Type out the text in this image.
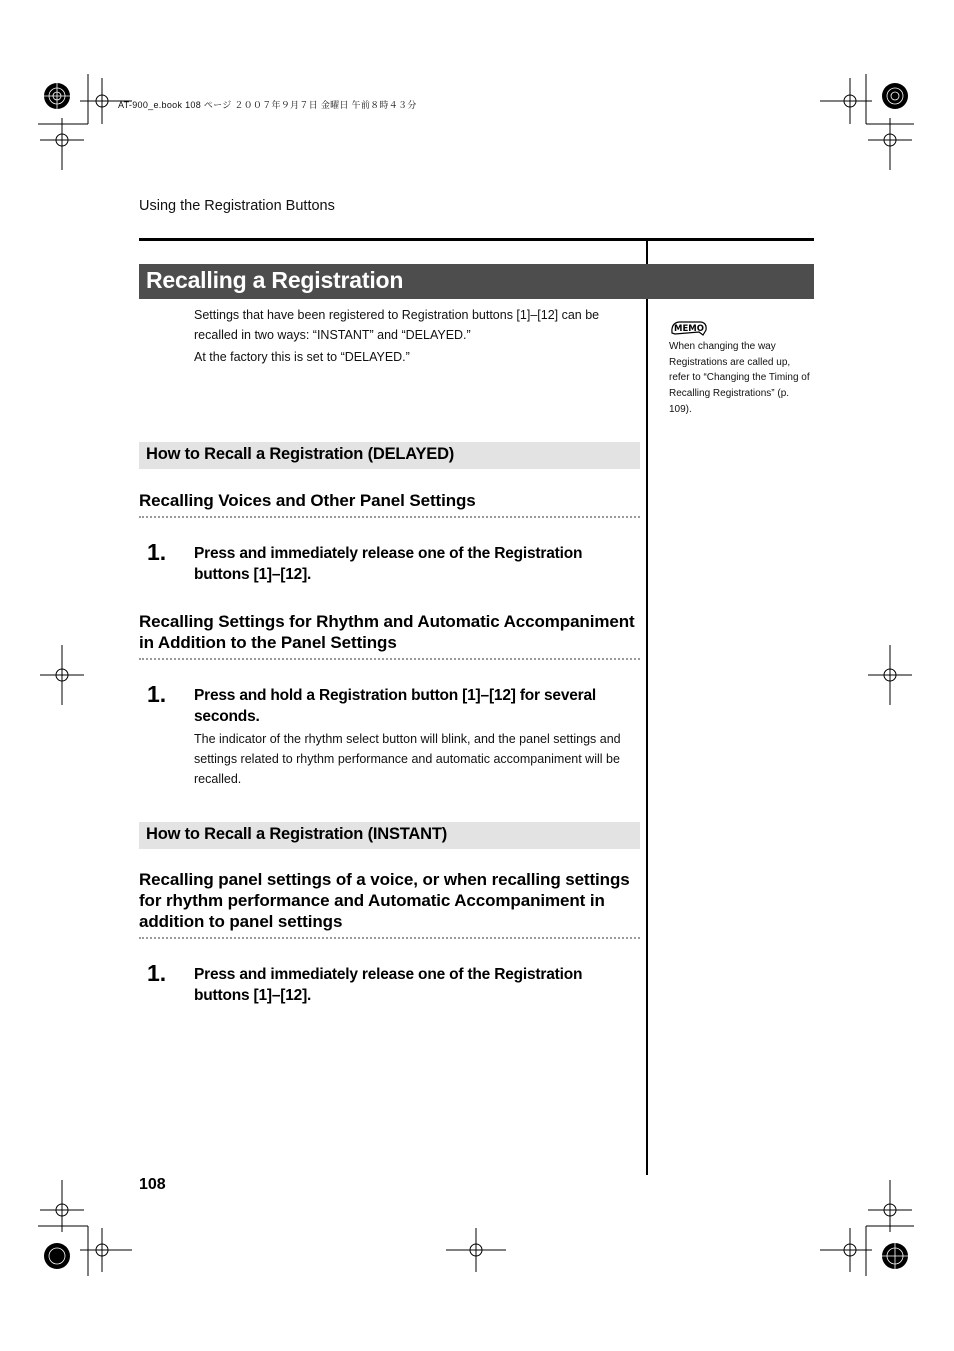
AT-900_e.book 108 ページ ２００７年９月７日 金曜日 午前８時４３分
Using the Registration Buttons
Recalling a Registration

Settings that have been registered to Registration buttons [1]–[12] can be recalled in two ways: “INSTANT” and “DELAYED.”

At the factory this is set to “DELAYED.”

MEMO
When changing the way Registrations are called up, refer to “Changing the Timing of Recalling Registrations” (p. 109).
How to Recall a Registration (DELAYED)
Recalling Voices and Other Panel Settings
1. Press and immediately release one of the Registration buttons [1]–[12].
Recalling Settings for Rhythm and Automatic Accompaniment in Addition to the Panel Settings
1. Press and hold a Registration button [1]–[12] for several seconds.
The indicator of the rhythm select button will blink, and the panel settings and settings related to rhythm performance and automatic accompaniment will be recalled.
How to Recall a Registration (INSTANT)
Recalling panel settings of a voice, or when recalling settings for rhythm performance and Automatic Accompaniment in addition to panel settings
1. Press and immediately release one of the Registration buttons [1]–[12].
108
